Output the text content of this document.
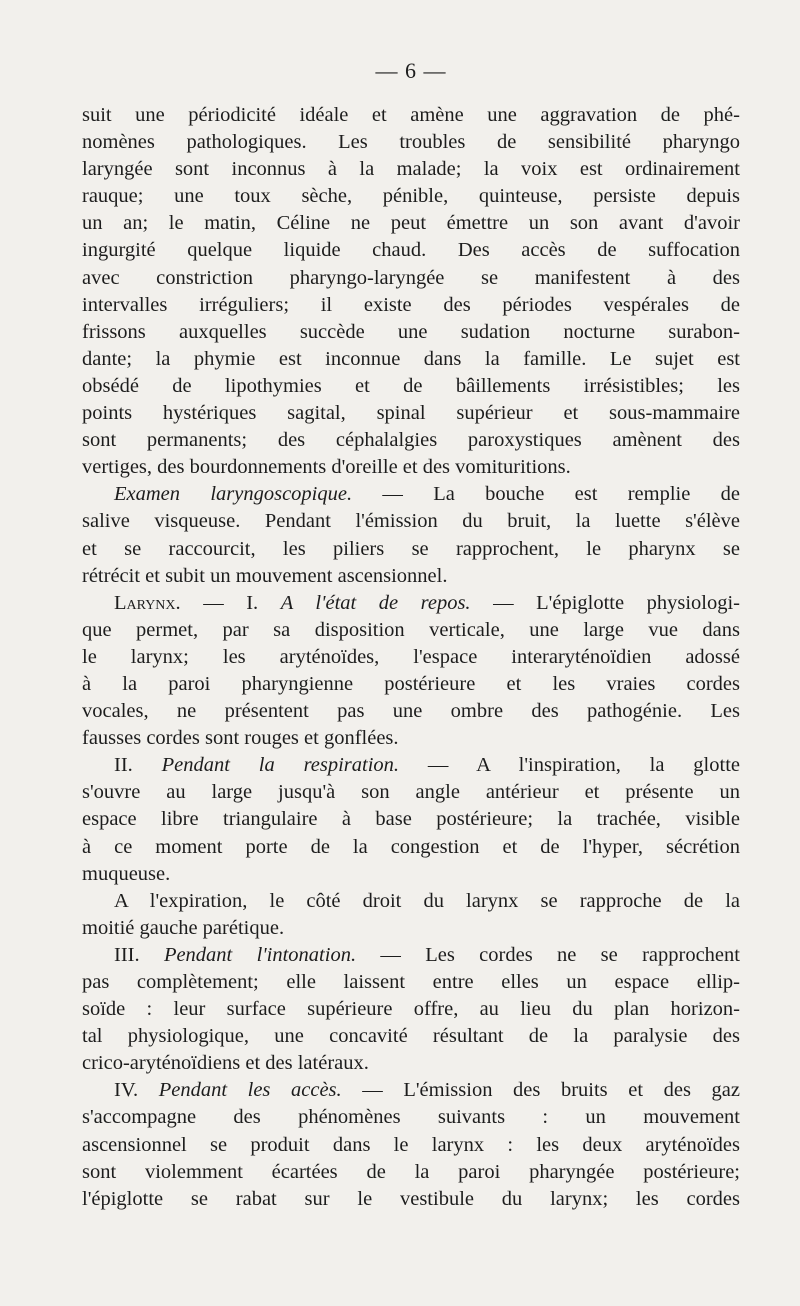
— 6 —
suit une périodicité idéale et amène une aggravation de phé-
nomènes pathologiques. Les troubles de sensibilité pharyngo
laryngée sont inconnus à la malade; la voix est ordinairement
rauque; une toux sèche, pénible, quinteuse, persiste depuis
un an; le matin, Céline ne peut émettre un son avant d'avoir
ingurgité quelque liquide chaud. Des accès de suffocation
avec constriction pharyngo-laryngée se manifestent à des
intervalles irréguliers; il existe des périodes vespérales de
frissons auxquelles succède une sudation nocturne surabon-
dante; la phymie est inconnue dans la famille. Le sujet est
obsédé de lipothymies et de bâillements irrésistibles; les
points hystériques sagital, spinal supérieur et sous-mammaire
sont permanents; des céphalalgies paroxystiques amènent des
vertiges, des bourdonnements d'oreille et des vomituritions.
Examen laryngoscopique. — La bouche est remplie de
salive visqueuse. Pendant l'émission du bruit, la luette s'élève
et se raccourcit, les piliers se rapprochent, le pharynx se
rétrécit et subit un mouvement ascensionnel.
Larynx. — I. A l'état de repos. — L'épiglotte physiologi-
que permet, par sa disposition verticale, une large vue dans
le larynx; les aryténoïdes, l'espace interaryténoïdien adossé
à la paroi pharyngienne postérieure et les vraies cordes
vocales, ne présentent pas une ombre des pathogénie. Les
fausses cordes sont rouges et gonflées.
II. Pendant la respiration. — A l'inspiration, la glotte
s'ouvre au large jusqu'à son angle antérieur et présente un
espace libre triangulaire à base postérieure; la trachée, visible
à ce moment porte de la congestion et de l'hyper, sécrétion
muqueuse.
A l'expiration, le côté droit du larynx se rapproche de la
moitié gauche parétique.
III. Pendant l'intonation. — Les cordes ne se rapprochent
pas complètement; elle laissent entre elles un espace ellip-
soïde : leur surface supérieure offre, au lieu du plan horizon-
tal physiologique, une concavité résultant de la paralysie des
crico-aryténoïdiens et des latéraux.
IV. Pendant les accès. — L'émission des bruits et des gaz
s'accompagne des phénomènes suivants : un mouvement
ascensionnel se produit dans le larynx : les deux aryténoïdes
sont violemment écartées de la paroi pharyngée postérieure;
l'épiglotte se rabat sur le vestibule du larynx; les cordes
